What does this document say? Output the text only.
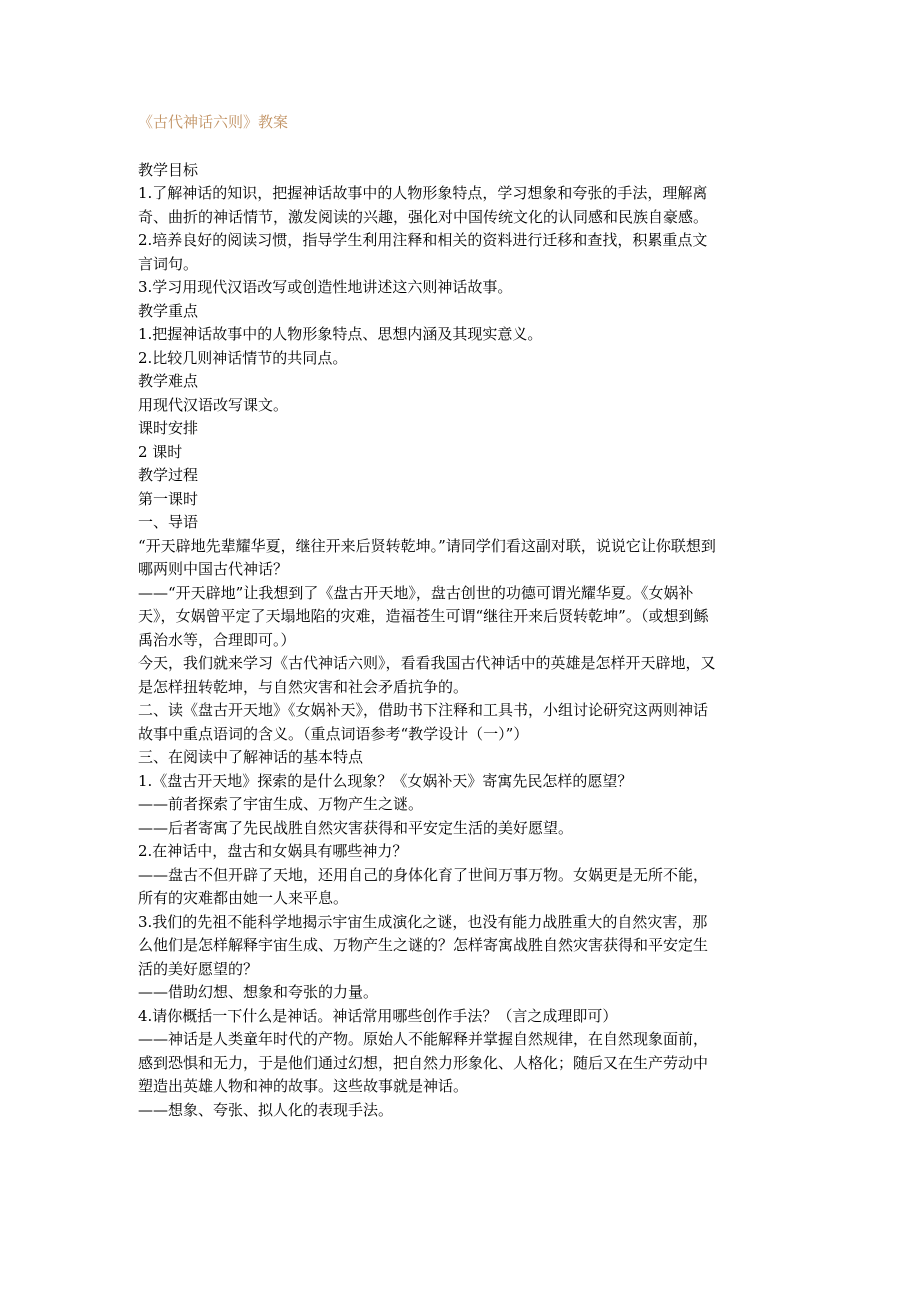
《古代神话六则》教案
教学目标
1.了解神话的知识，把握神话故事中的人物形象特点，学习想象和夸张的手法，理解离奇、曲折的神话情节，激发阅读的兴趣，强化对中国传统文化的认同感和民族自豪感。
2.培养良好的阅读习惯，指导学生利用注释和相关的资料进行迁移和查找，积累重点文言词句。
3.学习用现代汉语改写或创造性地讲述这六则神话故事。
教学重点
1.把握神话故事中的人物形象特点、思想内涵及其现实意义。
2.比较几则神话情节的共同点。
教学难点
用现代汉语改写课文。
课时安排
2 课时
教学过程
第一课时
一、导语
“开天辟地先辈耀华夏，继往开来后贤转乾坤。”请同学们看这副对联，说说它让你联想到哪两则中国古代神话？
——“开天辟地”让我想到了《盘古开天地》，盘古创世的功德可谓光耀华夏。《女娲补天》，女娲曾平定了天塌地陷的灾难，造福苍生可谓“继往开来后贤转乾坤”。（或想到鲧禹治水等，合理即可。）
今天，我们就来学习《古代神话六则》，看看我国古代神话中的英雄是怎样开天辟地，又是怎样扭转乾坤，与自然灾害和社会矛盾抗争的。
二、读《盘古开天地》《女娲补天》，借助书下注释和工具书，小组讨论研究这两则神话故事中重点语词的含义。（重点词语参考“教学设计（一）”）
三、在阅读中了解神话的基本特点
1.《盘古开天地》探索的是什么现象？《女娲补天》寄寓先民怎样的愿望？
——前者探索了宇宙生成、万物产生之谜。
——后者寄寓了先民战胜自然灾害获得和平安定生活的美好愿望。
2.在神话中，盘古和女娲具有哪些神力？
——盘古不但开辟了天地，还用自己的身体化育了世间万事万物。女娲更是无所不能，所有的灾难都由她一人来平息。
3.我们的先祖不能科学地揭示宇宙生成演化之谜，也没有能力战胜重大的自然灾害，那么他们是怎样解释宇宙生成、万物产生之谜的？怎样寄寓战胜自然灾害获得和平安定生活的美好愿望的？
——借助幻想、想象和夸张的力量。
4.请你概括一下什么是神话。神话常用哪些创作手法？（言之成理即可）
——神话是人类童年时代的产物。原始人不能解释并掌握自然规律，在自然现象面前，感到恐惧和无力，于是他们通过幻想，把自然力形象化、人格化；随后又在生产劳动中塑造出英雄人物和神的故事。这些故事就是神话。
——想象、夸张、拟人化的表现手法。
